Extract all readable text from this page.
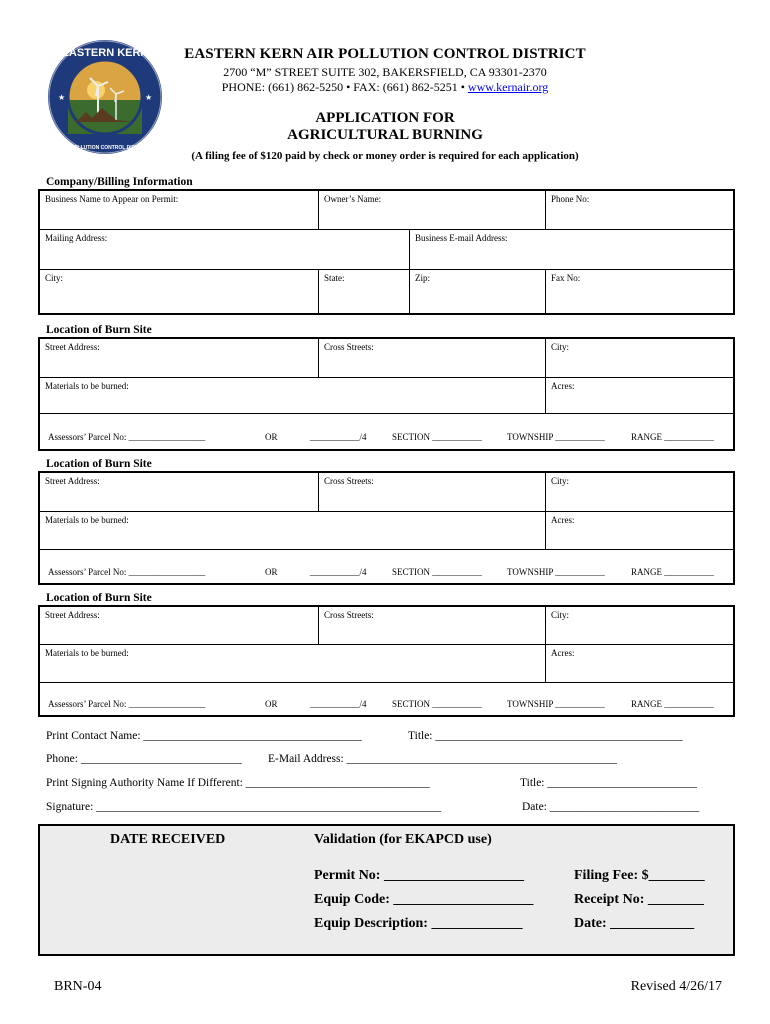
EASTERN KERN
AIR POLLUTION CONTROL DISTRICT
★	★
EASTERN KERN AIR POLLUTION CONTROL DISTRICT
2700 “M” STREET SUITE 302, BAKERSFIELD, CA 93301-2370
PHONE: (661) 862-5250 • FAX: (661) 862-5251 • www.kernair.org
APPLICATION FOR
AGRICULTURAL BURNING
(A filing fee of $120 paid by check or money order is required for each application)
Company/Billing Information
Business Name to Appear on Permit:	Owner’s Name:	Phone No:
Mailing Address:	Business E-mail Address:
City:	State:	Zip:	Fax No:
Location of Burn Site
Street Address:	Cross Streets:	City:
Materials to be burned:	Acres:
Assessors’ Parcel No: _________________	OR	___________/4	SECTION ___________	TOWNSHIP ___________	RANGE ___________
Location of Burn Site
Street Address:	Cross Streets:	City:
Materials to be burned:	Acres:
Assessors’ Parcel No: _________________	OR	___________/4	SECTION ___________	TOWNSHIP ___________	RANGE ___________
Location of Burn Site
Street Address:	Cross Streets:	City:
Materials to be burned:	Acres:
Assessors’ Parcel No: _________________	OR	___________/4	SECTION ___________	TOWNSHIP ___________	RANGE ___________

Print Contact Name: ______________________________________

	Title: ___________________________________________

Phone: ____________________________

E-Mail Address: _______________________________________________

Print Signing Authority Name If Different: ________________________________

	Title: __________________________

Signature: ____________________________________________________________

	Date: __________________________

DATE RECEIVED	Validation (for EKAPCD use)
Permit No: ____________________
Equip Code: ____________________
Equip Description: _____________
Filing Fee: $________
Receipt No: ________
Date: ____________
BRN-04	Revised 4/26/17
